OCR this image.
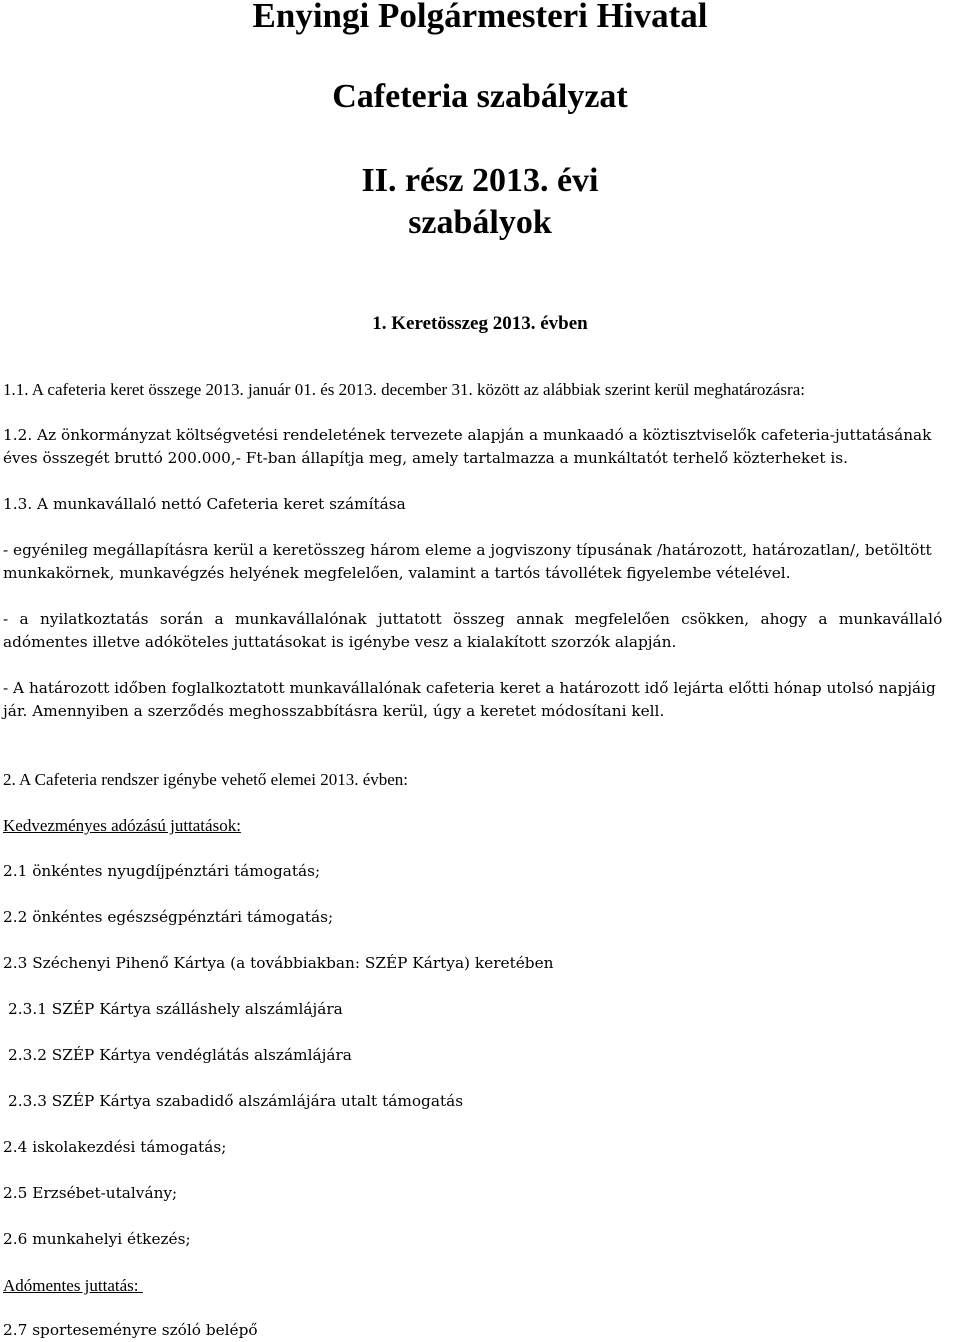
Enyingi Polgármesteri Hivatal
Cafeteria szabályzat
II. rész 2013. évi
szabályok
1. Keretösszeg 2013. évben

1.1. A cafeteria keret összege 2013. január 01. és 2013. december 31. között az alábbiak szerint kerül meghatározásra:

1.2. Az önkormányzat költségvetési rendeletének tervezete alapján a munkaadó a köztisztviselők cafeteria-juttatásának

éves összegét bruttó 200.000,- Ft-ban állapítja meg, amely tartalmazza a munkáltatót terhelő közterheket is.

1.3. A munkavállaló nettó Cafeteria keret számítása

- egyénileg megállapításra kerül a keretösszeg három eleme a jogviszony típusának /határozott, határozatlan/, betöltött

munkakörnek, munkavégzés helyének megfelelően, valamint a tartós távollétek figyelembe vételével.

- a nyilatkoztatás során a munkavállalónak juttatott összeg annak megfelelően csökken, ahogy a munkavállaló

adómentes illetve adóköteles juttatásokat is igénybe vesz a kialakított szorzók alapján.

- A határozott időben foglalkoztatott munkavállalónak cafeteria keret a határozott idő lejárta előtti hónap utolsó napjáig

jár. Amennyiben a szerződés meghosszabbításra kerül, úgy a keretet módosítani kell.

2. A Cafeteria rendszer igénybe vehető elemei 2013. évben:

Kedvezményes adózású juttatások:

2.1 önkéntes nyugdíjpénztári támogatás;

2.2 önkéntes egészségpénztári támogatás;

2.3 Széchenyi Pihenő Kártya (a továbbiakban: SZÉP Kártya) keretében

2.3.1 SZÉP Kártya szálláshely alszámlájára

2.3.2 SZÉP Kártya vendéglátás alszámlájára

2.3.3 SZÉP Kártya szabadidő alszámlájára utalt támogatás

2.4 iskolakezdési támogatás;

2.5 Erzsébet-utalvány;

2.6 munkahelyi étkezés;

Adómentes juttatás:

2.7 sporteseményre szóló belépő
